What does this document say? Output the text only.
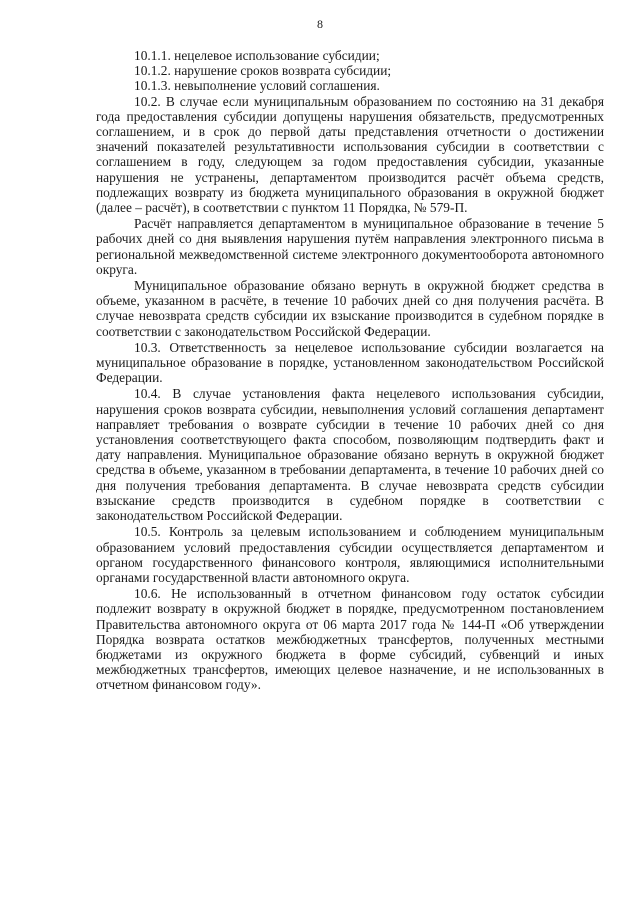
8

10.1.1. нецелевое использование субсидии;

10.1.2. нарушение сроков возврата субсидии;

10.1.3. невыполнение условий соглашения.

10.2. В случае если муниципальным образованием по состоянию на 31 декабря года предоставления субсидии допущены нарушения обязательств, предусмотренных соглашением, и в срок до первой даты представления отчетности о достижении значений показателей результативности использования субсидии в соответствии с соглашением в году, следующем за годом предоставления субсидии, указанные нарушения не устранены, департаментом производится расчёт объема средств, подлежащих возврату из бюджета муниципального образования в окружной бюджет (далее – расчёт), в соответствии с пунктом 11 Порядка, № 579-П.

Расчёт направляется департаментом в муниципальное образование в течение 5 рабочих дней со дня выявления нарушения путём направления электронного письма в региональной межведомственной системе электронного документооборота автономного округа.

Муниципальное образование обязано вернуть в окружной бюджет средства в объеме, указанном в расчёте, в течение 10 рабочих дней со дня получения расчёта. В случае невозврата средств субсидии их взыскание производится в судебном порядке в соответствии с законодательством Российской Федерации.

10.3. Ответственность за нецелевое использование субсидии возлагается на муниципальное образование в порядке, установленном законодательством Российской Федерации.

10.4. В случае установления факта нецелевого использования субсидии, нарушения сроков возврата субсидии, невыполнения условий соглашения департамент направляет требования о возврате субсидии в течение 10 рабочих дней со дня установления соответствующего факта способом, позволяющим подтвердить факт и дату направления. Муниципальное образование обязано вернуть в окружной бюджет средства в объеме, указанном в требовании департамента, в течение 10 рабочих дней со дня получения требования департамента. В случае невозврата средств субсидии взыскание средств производится в судебном порядке в соответствии с законодательством Российской Федерации.

10.5. Контроль за целевым использованием и соблюдением муниципальным образованием условий предоставления субсидии осуществляется департаментом и органом государственного финансового контроля, являющимися исполнительными органами государственной власти автономного округа.

10.6. Не использованный в отчетном финансовом году остаток субсидии подлежит возврату в окружной бюджет в порядке, предусмотренном постановлением Правительства автономного округа от 06 марта 2017 года № 144-П «Об утверждении Порядка возврата остатков межбюджетных трансфертов, полученных местными бюджетами из окружного бюджета в форме субсидий, субвенций и иных межбюджетных трансфертов, имеющих целевое назначение, и не использованных в отчетном финансовом году».
